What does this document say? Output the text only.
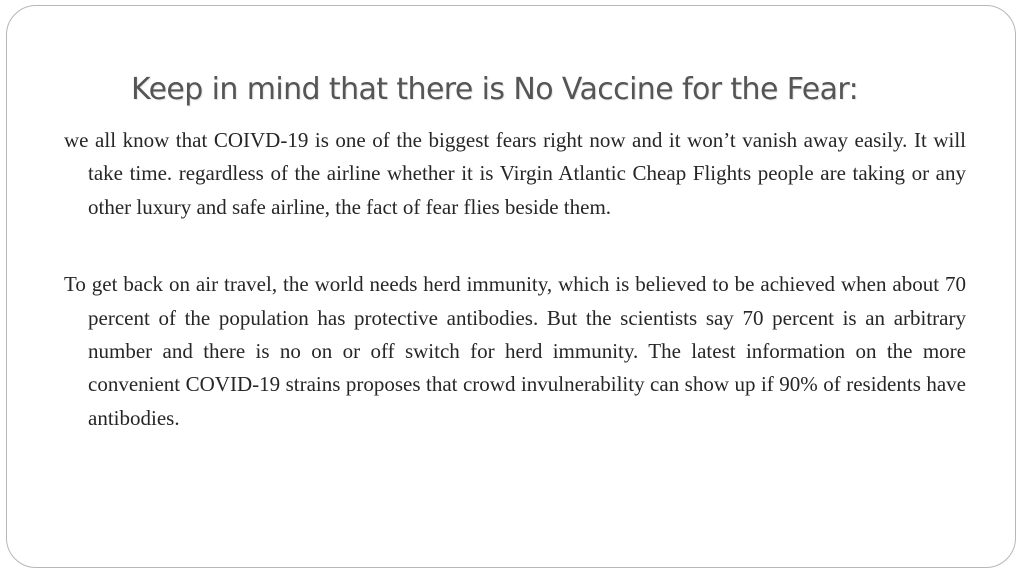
Keep in mind that there is No Vaccine for the Fear:

we all know that COIVD-19 is one of the biggest fears right now and it won’t vanish away easily. It will take time. regardless of the airline whether it is Virgin Atlantic Cheap Flights people are taking or any other luxury and safe airline, the fact of fear flies beside them.

To get back on air travel, the world needs herd immunity, which is believed to be achieved when about 70 percent of the population has protective antibodies. But the scientists say 70 percent is an arbitrary number and there is no on or off switch for herd immunity. The latest information on the more convenient COVID-19 strains proposes that crowd invulnerability can show up if 90% of residents have antibodies.
